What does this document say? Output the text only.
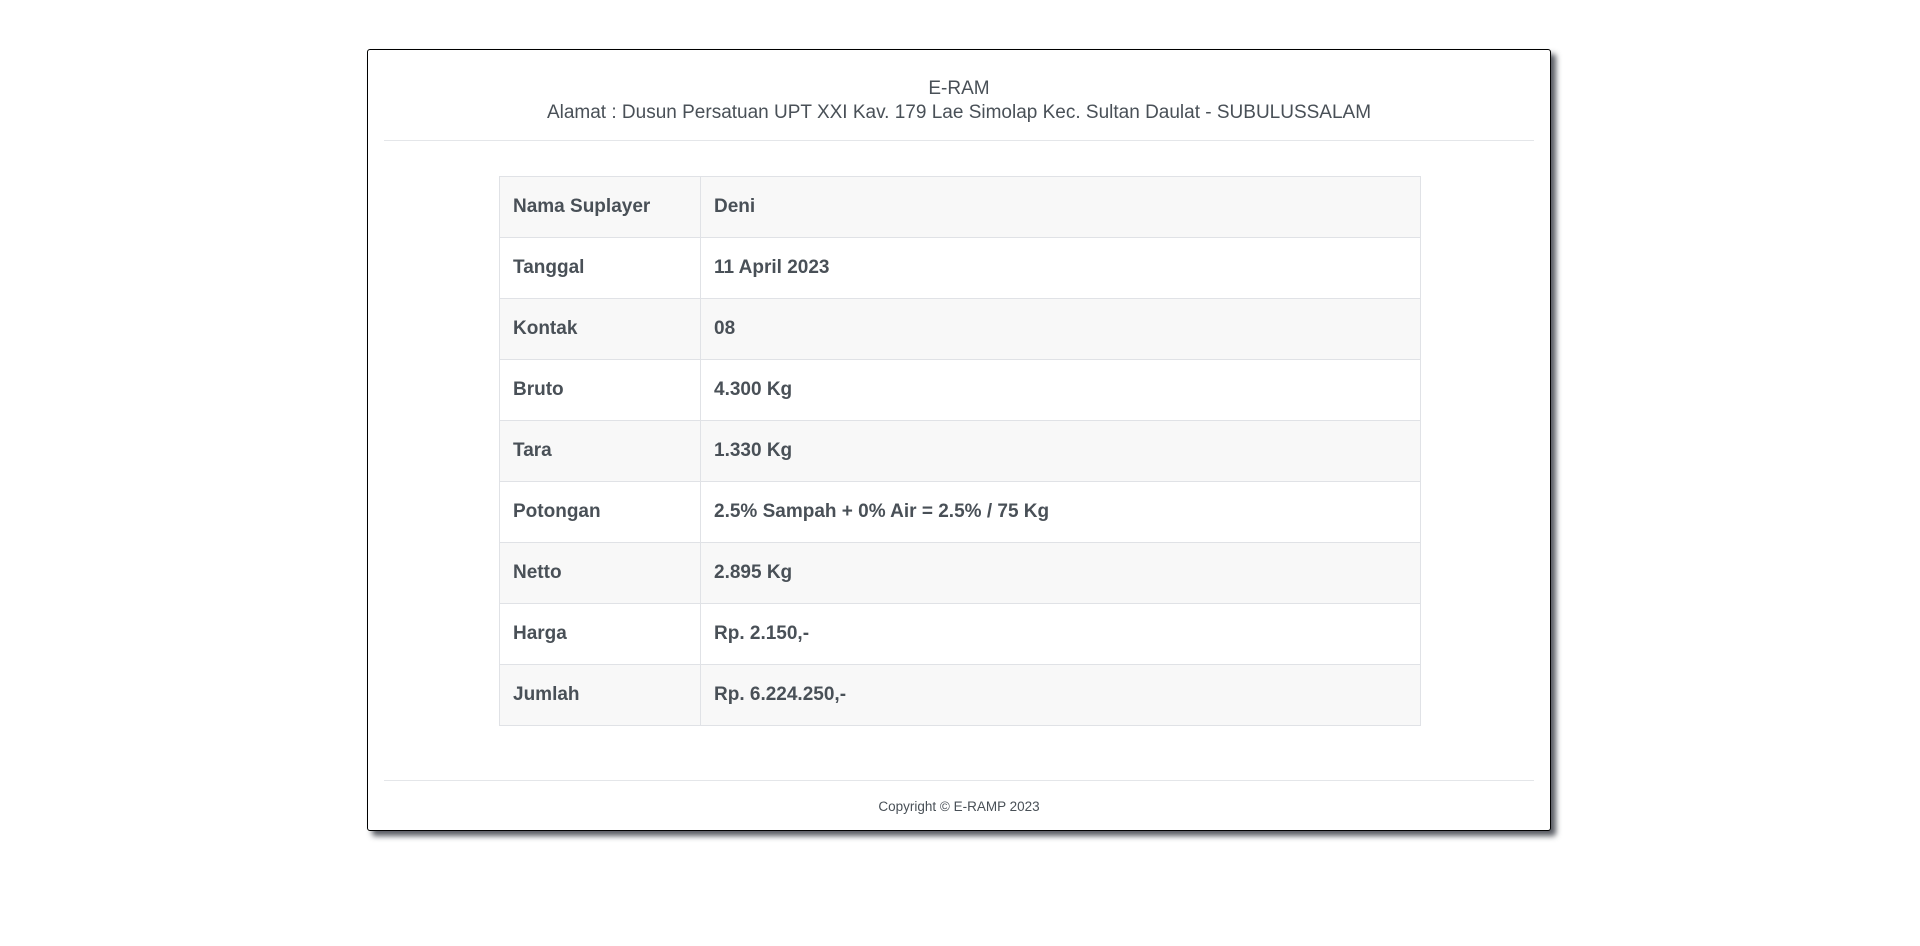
E-RAM
Alamat : Dusun Persatuan UPT XXI Kav. 179 Lae Simolap Kec. Sultan Daulat - SUBULUSSALAM
Nama Suplayer	Deni
Tanggal	11 April 2023
Kontak	08
Bruto	4.300 Kg
Tara	1.330 Kg
Potongan	2.5% Sampah + 0% Air = 2.5% / 75 Kg
Netto	2.895 Kg
Harga	Rp. 2.150,-
Jumlah	Rp. 6.224.250,-
Copyright © E-RAMP 2023
